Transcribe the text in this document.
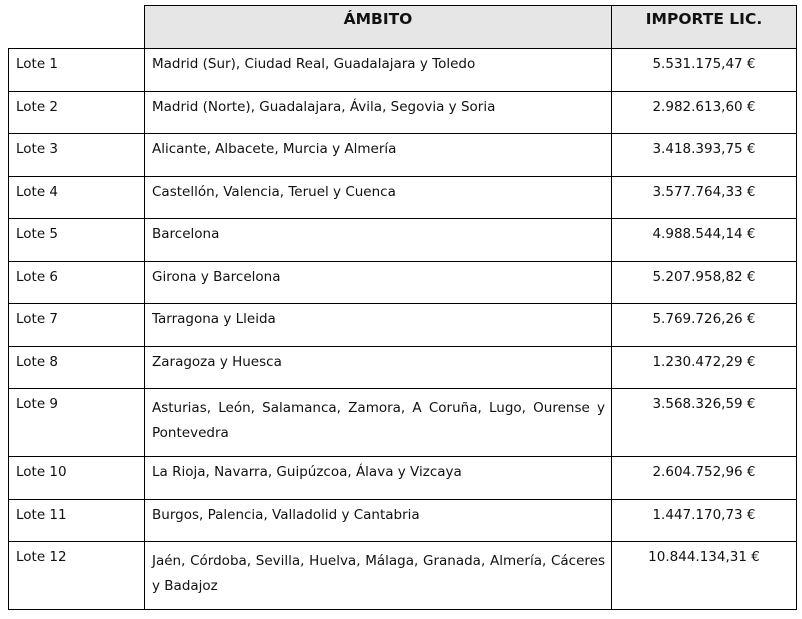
	ÁMBITO	IMPORTE LIC.
Lote 1	Madrid (Sur), Ciudad Real, Guadalajara y Toledo	5.531.175,47 €
Lote 2	Madrid (Norte), Guadalajara, Ávila, Segovia y Soria	2.982.613,60 €
Lote 3	Alicante, Albacete, Murcia y Almería	3.418.393,75 €
Lote 4	Castellón, Valencia, Teruel y Cuenca	3.577.764,33 €
Lote 5	Barcelona	4.988.544,14 €
Lote 6	Girona y Barcelona	5.207.958,82 €
Lote 7	Tarragona y Lleida	5.769.726,26 €
Lote 8	Zaragoza y Huesca	1.230.472,29 €
Lote 9	Asturias, León, Salamanca, Zamora, A Coruña, Lugo, Ourense y Pontevedra	3.568.326,59 €
Lote 10	La Rioja, Navarra, Guipúzcoa, Álava y Vizcaya	2.604.752,96 €
Lote 11	Burgos, Palencia, Valladolid y Cantabria	1.447.170,73 €
Lote 12	Jaén, Córdoba, Sevilla, Huelva, Málaga, Granada, Almería, Cáceres y Badajoz	10.844.134,31 €
